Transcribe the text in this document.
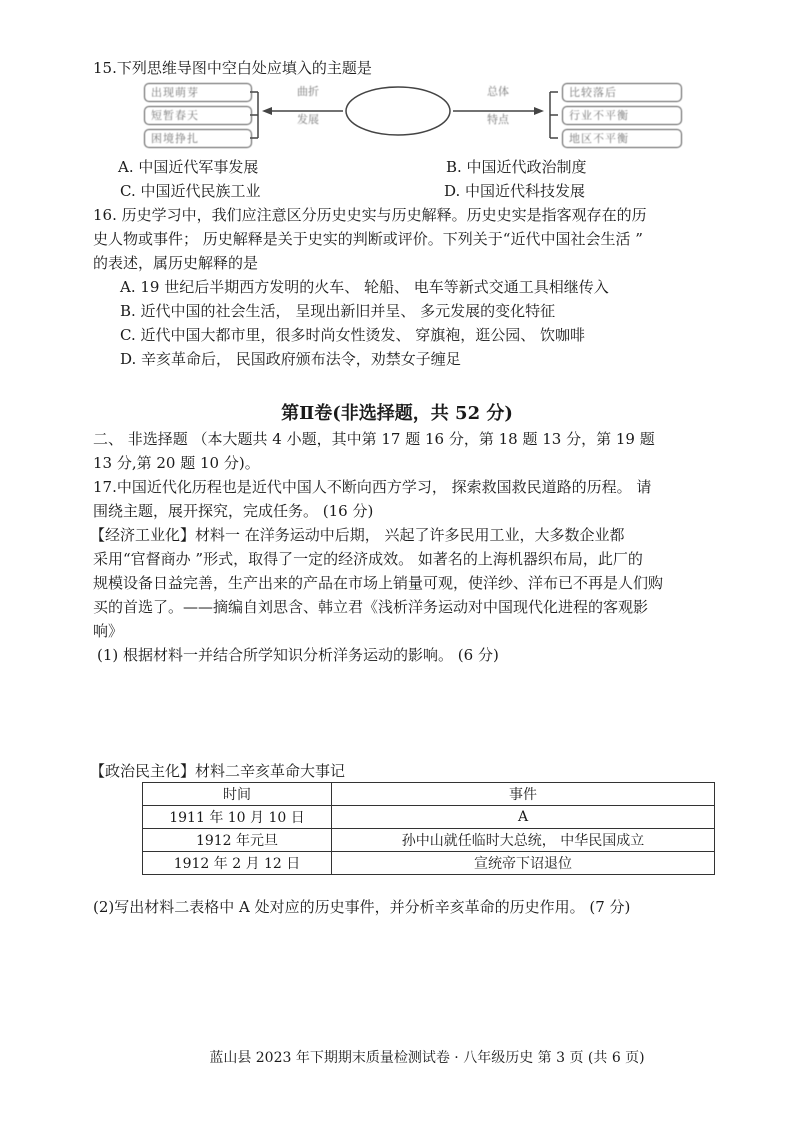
15.下列思维导图中空白处应填入的主题是
出现萌芽
短暂春天
困境挣扎
曲折
发展
总体
特点
比较落后
行业不平衡
地区不平衡
A. 中国近代军事发展	B. 中国近代政治制度
C. 中国近代民族工业	D. 中国近代科技发展
16. 历史学习中，我们应注意区分历史史实与历史解释。历史史实是指客观存在的历
史人物或事件； 历史解释是关于史实的判断或评价。下列关于“近代中国社会生活 ”
的表述，属历史解释的是
A. 19 世纪后半期西方发明的火车、 轮船、 电车等新式交通工具相继传入
B. 近代中国的社会生活， 呈现出新旧并呈、 多元发展的变化特征
C. 近代中国大都市里，很多时尚女性烫发、 穿旗袍，逛公园、 饮咖啡
D. 辛亥革命后， 民国政府颁布法令，劝禁女子缠足
第Ⅱ卷(非选择题，共 52 分)
二、 非选择题 （本大题共 4 小题，其中第 17 题 16 分，第 18 题 13 分，第 19 题
13 分,第 20 题 10 分)。
17.中国近代化历程也是近代中国人不断向西方学习， 探索救国救民道路的历程。 请
围绕主题，展开探究，完成任务。 (16 分)
【经济工业化】材料一 在洋务运动中后期， 兴起了许多民用工业，大多数企业都
采用“官督商办 ”形式，取得了一定的经济成效。 如著名的上海机器织布局，此厂的
规模设备日益完善，生产出来的产品在市场上销量可观，使洋纱、洋布已不再是人们购
买的首选了。——摘编自刘思含、韩立君《浅析洋务运动对中国现代化进程的客观影
响》
(1) 根据材料一并结合所学知识分析洋务运动的影响。 (6 分)
【政治民主化】材料二辛亥革命大事记
时间	事件
1911 年 10 月 10 日	A
1912 年元旦	孙中山就任临时大总统， 中华民国成立
1912 年 2 月 12 日	宣统帝下诏退位
(2)写出材料二表格中 A 处对应的历史事件，并分析辛亥革命的历史作用。 (7 分)
蓝山县 2023 年下期期末质量检测试卷 · 八年级历史 第 3 页 (共 6 页)
